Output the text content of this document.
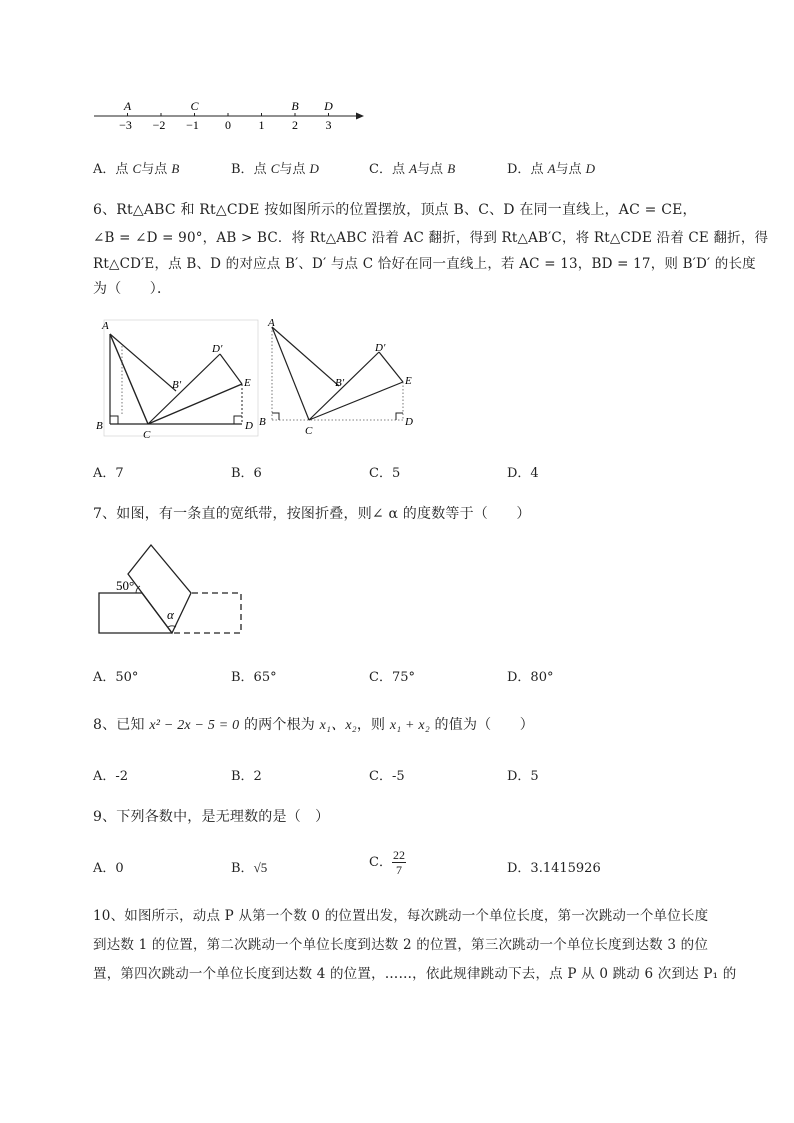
−3 −2 −1 0 1 2 3
A	C	B D
A．点 C与点 B	B．点 C与点 D	C．点 A与点 B	D．点 A与点 D
6、Rt△ABC 和 Rt△CDE 按如图所示的位置摆放，顶点 B、C、D 在同一直线上，AC = CE，
∠B = ∠D = 90°，AB > BC．将 Rt△ABC 沿着 AC 翻折，得到 Rt△AB′C，将 Rt△CDE 沿着 CE 翻折，得
Rt△CD′E，点 B、D 的对应点 B′、D′ 与点 C 恰好在同一直线上，若 AC = 13，BD = 17，则 B′D′ 的长度
为（　　）．
A
B
C
D
E
B′
D′
A
B
C
D
E
B′
D′
A．7	B．6	C．5	D．4
7、如图，有一条直的宽纸带，按图折叠，则∠ α 的度数等于（　　）
50°
α
A．50°	B．65°	C．75°	D．80°
8、已知 x² − 2x − 5 = 0 的两个根为 x₁、x₂，则 x₁ + x₂ 的值为（　　）
A．-2	B．2	C．-5	D．5
9、下列各数中，是无理数的是（　）
A．0	B．√5	C． $\frac{22}{7}$	D．3.1415926
10、如图所示，动点 P 从第一个数 0 的位置出发，每次跳动一个单位长度，第一次跳动一个单位长度
到达数 1 的位置，第二次跳动一个单位长度到达数 2 的位置，第三次跳动一个单位长度到达数 3 的位
置，第四次跳动一个单位长度到达数 4 的位置，……，依此规律跳动下去，点 P 从 0 跳动 6 次到达 P₁ 的
